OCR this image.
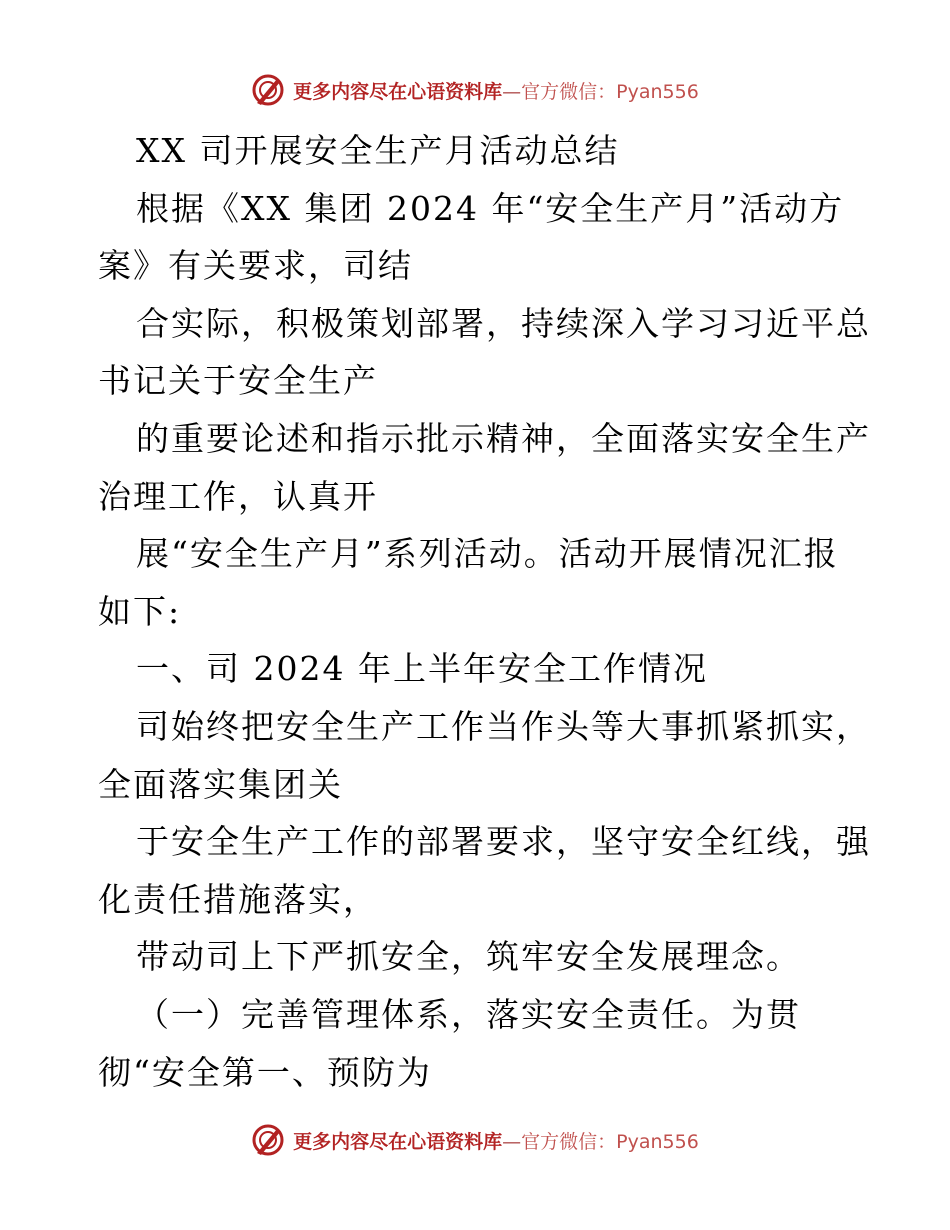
更多内容尽在心语资料库—官方微信：Pyan556
XX 司开展安全生产月活动总结
根据《XX 集团 2024 年“安全生产月”活动方
案》有关要求，司结
合实际，积极策划部署，持续深入学习习近平总
书记关于安全生产
的重要论述和指示批示精神，全面落实安全生产
治理工作，认真开
展“安全生产月”系列活动。活动开展情况汇报
如下:
一、司 2024 年上半年安全工作情况
司始终把安全生产工作当作头等大事抓紧抓实，
全面落实集团关
于安全生产工作的部署要求，坚守安全红线，强
化责任措施落实，
带动司上下严抓安全，筑牢安全发展理念。
（一）完善管理体系，落实安全责任。为贯
彻“安全第一、预防为
更多内容尽在心语资料库—官方微信：Pyan556
